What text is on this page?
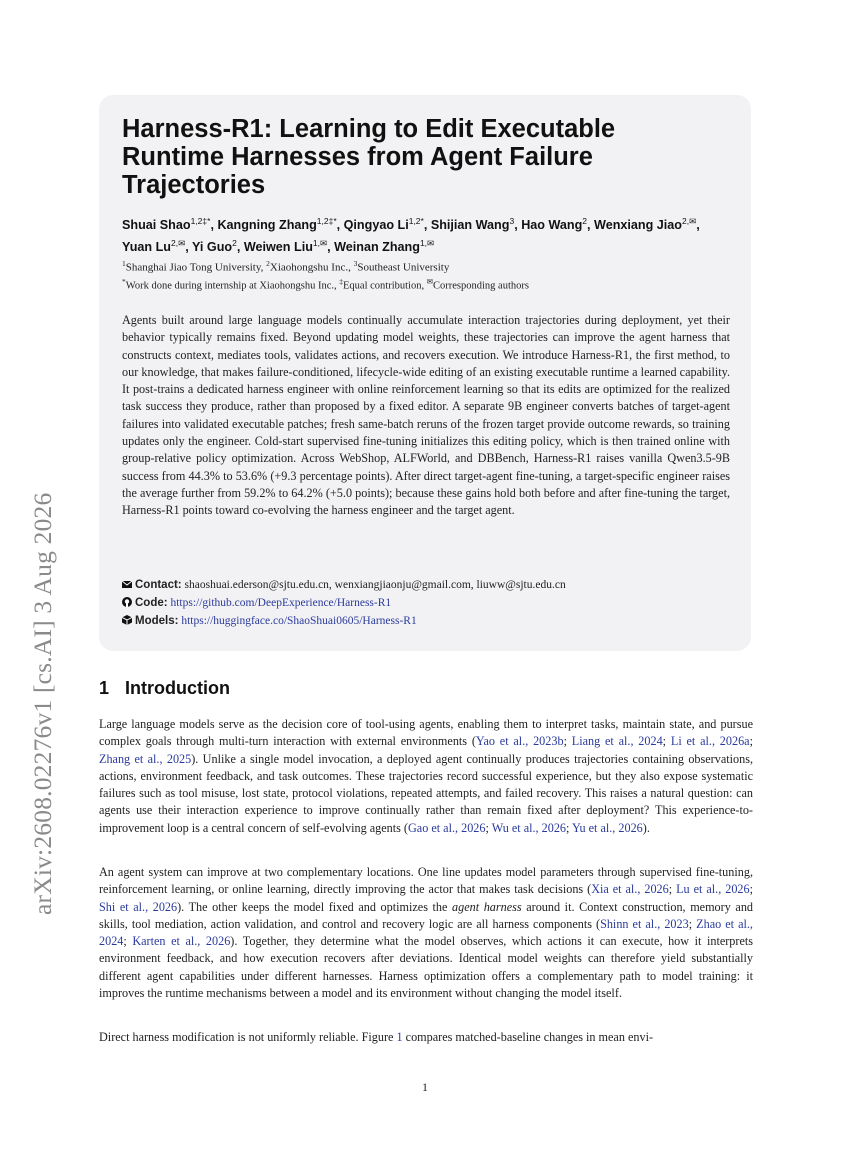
arXiv:2608.02276v1 [cs.AI] 3 Aug 2026
Harness-R1: Learning to Edit Executable Runtime Harnesses from Agent Failure Trajectories
Shuai Shao$^{1,2\ddagger*}$, Kangning Zhang$^{1,2\ddagger*}$, Qingyao $Li^{1,2*}$, Shijian Wang$^3$, Hao Wang$^2$, Wenxiang Jiao$^{2,✉}$, Yuan $Lu^{2,✉}$, Yi Guo$^2$, Weiwen Liu$^{1,✉}$, Weinan Zhang$^{1,✉}$
$^1$Shanghai Jiao Tong University, $^2$Xiaohongshu Inc., $^3$Southeast University
*Work done during internship at Xiaohongshu Inc., ‡Equal contribution, ✉Corresponding authors

Agents built around large language models continually accumulate interaction trajectories during deployment, yet their behavior typically remains fixed. Beyond updating model weights, these trajectories can improve the agent harness that constructs context, mediates tools, validates actions, and recovers execution. We introduce Harness-R1, the first method, to our knowledge, that makes failure-conditioned, lifecycle-wide editing of an existing executable runtime a learned capability. It post-trains a dedicated harness engineer with online reinforcement learning so that its edits are optimized for the realized task success they produce, rather than proposed by a fixed editor. A separate 9B engineer converts batches of target-agent failures into validated executable patches; fresh same-batch reruns of the frozen target provide outcome rewards, so training updates only the engineer. Cold-start supervised fine-tuning initializes this editing policy, which is then trained online with group-relative policy optimization. Across WebShop, ALFWorld, and DBBench, Harness-R1 raises vanilla Qwen3.5-9B success from 44.3% to 53.6% (+9.3 percentage points). After direct target-agent fine-tuning, a target-specific engineer raises the average further from 59.2% to 64.2% (+5.0 points); because these gains hold both before and after fine-tuning the target, Harness-R1 points toward co-evolving the harness engineer and the target agent.

Contact: shaoshuai.ederson@sjtu.edu.cn, wenxiangjiaonju@gmail.com, liuww@sjtu.edu.cn
Code: https://github.com/DeepExperience/Harness-R1
Models: https://huggingface.co/ShaoShuai0605/Harness-R1
1 Introduction

Large language models serve as the decision core of tool-using agents, enabling them to interpret tasks, maintain state, and pursue complex goals through multi-turn interaction with external environments (Yao et al., 2023b; Liang et al., 2024; Li et al., 2026a; Zhang et al., 2025). Unlike a single model invocation, a deployed agent continually produces trajectories containing observations, actions, environment feedback, and task outcomes. These trajectories record successful experience, but they also expose systematic failures such as tool misuse, lost state, protocol violations, repeated attempts, and failed recovery. This raises a natural question: can agents use their interaction experience to improve continually rather than remain fixed after deployment? This experience-to-improvement loop is a central concern of self-evolving agents (Gao et al., 2026; Wu et al., 2026; Yu et al., 2026).

An agent system can improve at two complementary locations. One line updates model parameters through supervised fine-tuning, reinforcement learning, or online learning, directly improving the actor that makes task decisions (Xia et al., 2026; Lu et al., 2026; Shi et al., 2026). The other keeps the model fixed and optimizes the agent harness around it. Context construction, memory and skills, tool mediation, action validation, and control and recovery logic are all harness components (Shinn et al., 2023; Zhao et al., 2024; Karten et al., 2026). Together, they determine what the model observes, which actions it can execute, how it interprets environment feedback, and how execution recovers after deviations. Identical model weights can therefore yield substantially different agent capabilities under different harnesses. Harness optimization offers a complementary path to model training: it improves the runtime mechanisms between a model and its environment without changing the model itself.

Direct harness modification is not uniformly reliable. Figure 1 compares matched-baseline changes in mean envi-

1
